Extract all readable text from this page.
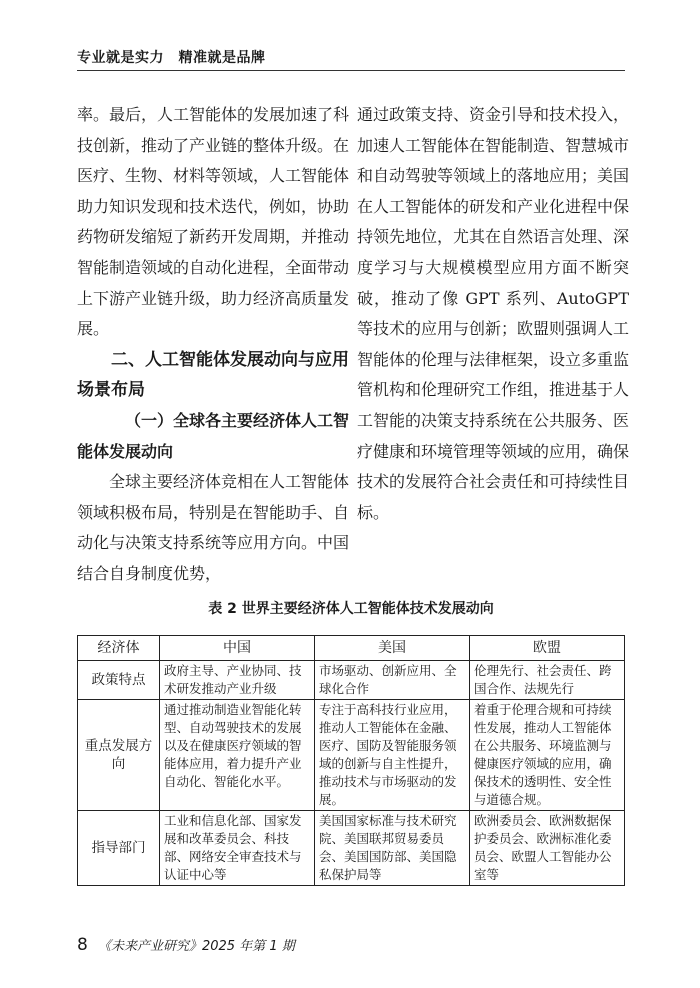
专业就是实力　精准就是品牌

率。最后，人工智能体的发展加速了科技创新，推动了产业链的整体升级。在医疗、生物、材料等领域，人工智能体助力知识发现和技术迭代，例如，协助药物研发缩短了新药开发周期，并推动智能制造领域的自动化进程，全面带动上下游产业链升级，助力经济高质量发展。

二、人工智能体发展动向与应用场景布局

（一）全球各主要经济体人工智能体发展动向

全球主要经济体竞相在人工智能体领域积极布局，特别是在智能助手、自动化与决策支持系统等应用方向。中国结合自身制度优势，

通过政策支持、资金引导和技术投入，加速人工智能体在智能制造、智慧城市和自动驾驶等领域上的落地应用；美国在人工智能体的研发和产业化进程中保持领先地位，尤其在自然语言处理、深度学习与大规模模型应用方面不断突破，推动了像 GPT 系列、AutoGPT 等技术的应用与创新；欧盟则强调人工智能体的伦理与法律框架，设立多重监管机构和伦理研究工作组，推进基于人工智能的决策支持系统在公共服务、医疗健康和环境管理等领域的应用，确保技术的发展符合社会责任和可持续性目标。

表 2 世界主要经济体人工智能体技术发展动向
经济体	中国	美国	欧盟
政策特点	政府主导、产业协同、技术研发推动产业升级	市场驱动、创新应用、全球化合作	伦理先行、社会责任、跨国合作、法规先行
重点发展方向	通过推动制造业智能化转型、自动驾驶技术的发展以及在健康医疗领域的智能体应用，着力提升产业自动化、智能化水平。	专注于高科技行业应用，推动人工智能体在金融、医疗、国防及智能服务领域的创新与自主性提升，推动技术与市场驱动的发展。	着重于伦理合规和可持续性发展，推动人工智能体在公共服务、环境监测与健康医疗领域的应用，确保技术的透明性、安全性与道德合规。
指导部门	工业和信息化部、国家发展和改革委员会、科技部、网络安全审查技术与认证中心等	美国国家标准与技术研究院、美国联邦贸易委员会、美国国防部、美国隐私保护局等	欧洲委员会、欧洲数据保护委员会、欧洲标准化委员会、欧盟人工智能办公室等
8 《未来产业研究》2025 年第 1 期
